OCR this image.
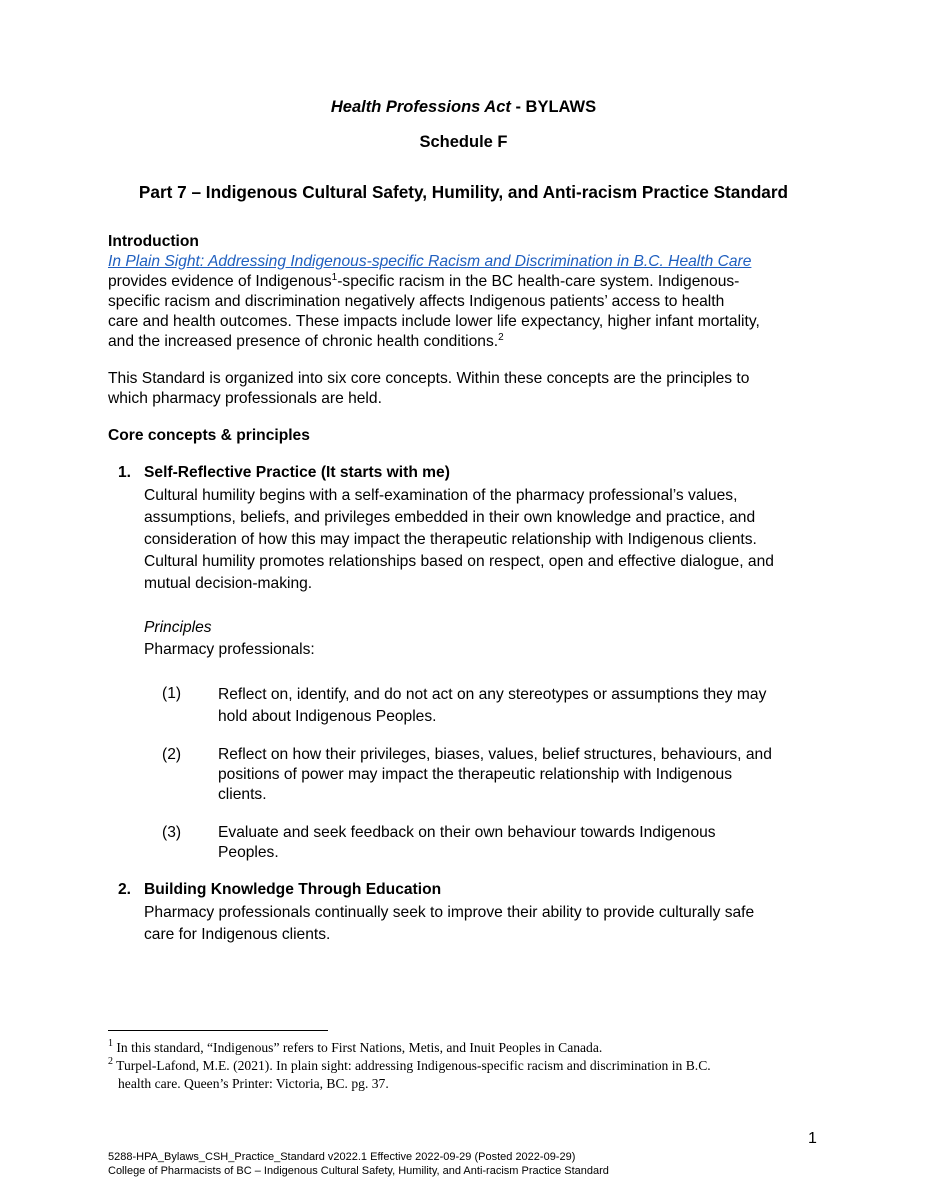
Health Professions Act - BYLAWS
Schedule F
Part 7 – Indigenous Cultural Safety, Humility, and Anti-racism Practice Standard
Introduction
In Plain Sight: Addressing Indigenous-specific Racism and Discrimination in B.C. Health Care
provides evidence of Indigenous$^1$-specific racism in the BC health-care system. Indigenous-
specific racism and discrimination negatively affects Indigenous patients’ access to health
care and health outcomes. These impacts include lower life expectancy, higher infant mortality,
and the increased presence of chronic health conditions.$^2$
This Standard is organized into six core concepts. Within these concepts are the principles to
which pharmacy professionals are held.
Core concepts & principles
1. Self-Reflective Practice (It starts with me)
Cultural humility begins with a self-examination of the pharmacy professional’s values,
assumptions, beliefs, and privileges embedded in their own knowledge and practice, and
consideration of how this may impact the therapeutic relationship with Indigenous clients.
Cultural humility promotes relationships based on respect, open and effective dialogue, and
mutual decision-making.
Principles
Pharmacy professionals:
(1) Reflect on, identify, and do not act on any stereotypes or assumptions they may
hold about Indigenous Peoples.
(2) Reflect on how their privileges, biases, values, belief structures, behaviours, and
positions of power may impact the therapeutic relationship with Indigenous
clients.
(3) Evaluate and seek feedback on their own behaviour towards Indigenous
Peoples.
2. Building Knowledge Through Education
Pharmacy professionals continually seek to improve their ability to provide culturally safe
care for Indigenous clients.
$^1$ In this standard, “Indigenous” refers to First Nations, Metis, and Inuit Peoples in Canada.
$^2$ Turpel-Lafond, M.E. (2021). In plain sight: addressing Indigenous-specific racism and discrimination in B.C.
health care. Queen’s Printer: Victoria, BC. pg. 37.
1
5288-HPA_Bylaws_CSH_Practice_Standard v2022.1 Effective 2022-09-29 (Posted 2022-09-29)
College of Pharmacists of BC – Indigenous Cultural Safety, Humility, and Anti-racism Practice Standard
